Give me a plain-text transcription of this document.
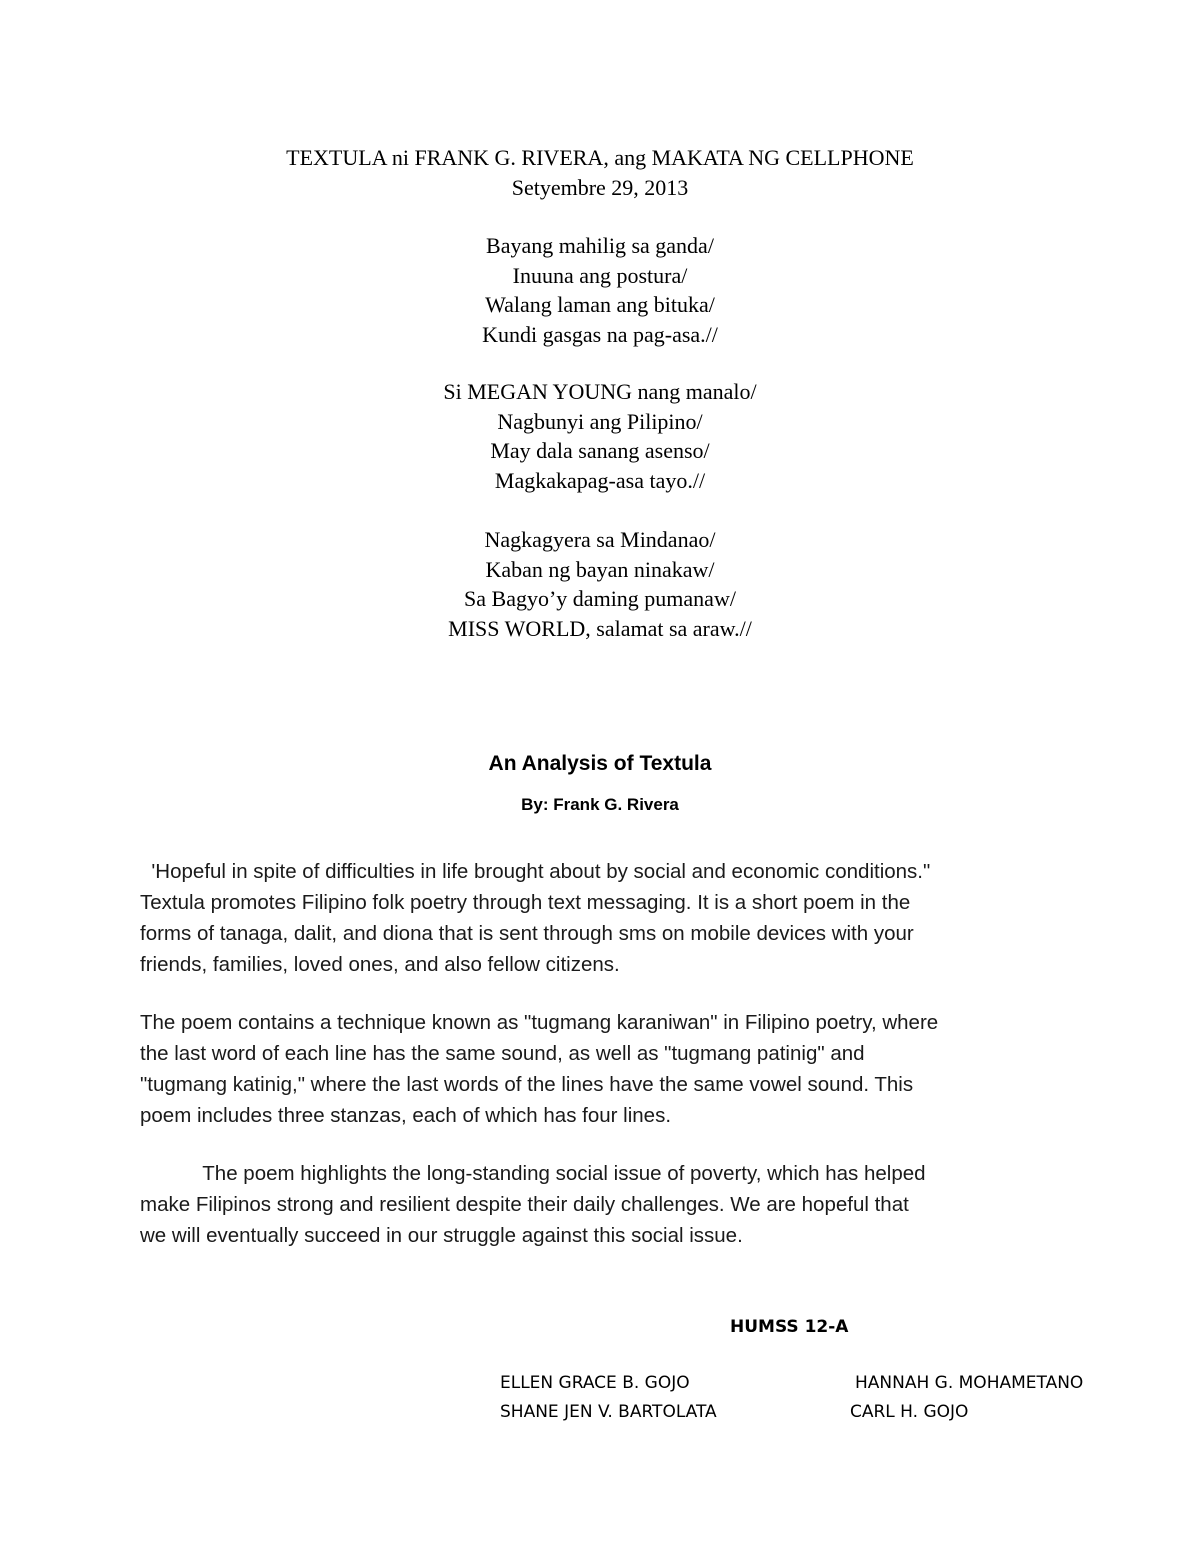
TEXTULA ni FRANK G. RIVERA, ang MAKATA NG CELLPHONE
Setyembre 29, 2013
Bayang mahilig sa ganda/
Inuuna ang postura/
Walang laman ang bituka/
Kundi gasgas na pag-asa.//
Si MEGAN YOUNG nang manalo/
Nagbunyi ang Pilipino/
May dala sanang asenso/
Magkakapag-asa tayo.//
Nagkagyera sa Mindanao/
Kaban ng bayan ninakaw/
Sa Bagyo’y daming pumanaw/
MISS WORLD, salamat sa araw.//
An Analysis of Textula
By: Frank G. Rivera
'Hopeful in spite of difficulties in life brought about by social and economic conditions."
Textula promotes Filipino folk poetry through text messaging. It is a short poem in the
forms of tanaga, dalit, and diona that is sent through sms on mobile devices with your
friends, families, loved ones, and also fellow citizens.
The poem contains a technique known as "tugmang karaniwan" in Filipino poetry, where
the last word of each line has the same sound, as well as "tugmang patinig" and
"tugmang katinig," where the last words of the lines have the same vowel sound. This
poem includes three stanzas, each of which has four lines.
The poem highlights the long-standing social issue of poverty, which has helped
make Filipinos strong and resilient despite their daily challenges. We are hopeful that
we will eventually succeed in our struggle against this social issue.
HUMSS 12-A
ELLEN GRACE B. GOJO	HANNAH G. MOHAMETANO
SHANE JEN V. BARTOLATA	CARL H. GOJO
